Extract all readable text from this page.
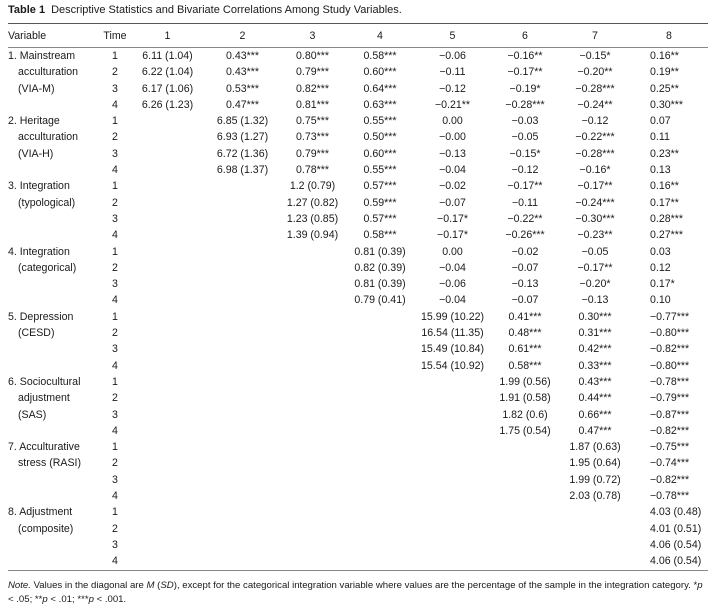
Table 1 Descriptive Statistics and Bivariate Correlations Among Study Variables.
Variable	Time	1	2	3	4	5	6	7	8

1. Mainstream
acculturation
(VIA-M)	1	6.11 (1.04)	0.43***	0.80***	0.58***	−0.06	−0.16**	−0.15*	0.16**
	2	6.22 (1.04)	0.43***	0.79***	0.60***	−0.11	−0.17**	−0.20**	0.19**
	3	6.17 (1.06)	0.53***	0.82***	0.64***	−0.12	−0.19*	−0.28***	0.25**
	4	6.26 (1.23)	0.47***	0.81***	0.63***	−0.21**	−0.28***	−0.24**	0.30***

2. Heritage
acculturation
(VIA-H)	1		6.85 (1.32)	0.75***	0.55***	0.00	−0.03	−0.12	0.07
	2		6.93 (1.27)	0.73***	0.50***	−0.00	−0.05	−0.22***	0.11
	3		6.72 (1.36)	0.79***	0.60***	−0.13	−0.15*	−0.28***	0.23**
	4		6.98 (1.37)	0.78***	0.55***	−0.04	−0.12	−0.16*	0.13

3. Integration
(typological)	1			1.2 (0.79)	0.57***	−0.02	−0.17**	−0.17**	0.16**
	2			1.27 (0.82)	0.59***	−0.07	−0.11	−0.24***	0.17**
	3			1.23 (0.85)	0.57***	−0.17*	−0.22**	−0.30***	0.28***
	4			1.39 (0.94)	0.58***	−0.17*	−0.26***	−0.23**	0.27***

4. Integration
(categorical)	1				0.81 (0.39)	0.00	−0.02	−0.05	0.03
	2				0.82 (0.39)	−0.04	−0.07	−0.17**	0.12
	3				0.81 (0.39)	−0.06	−0.13	−0.20*	0.17*
	4				0.79 (0.41)	−0.04	−0.07	−0.13	0.10

5. Depression
(CESD)	1					15.99 (10.22)	0.41***	0.30***	−0.77***
	2					16.54 (11.35)	0.48***	0.31***	−0.80***
	3					15.49 (10.84)	0.61***	0.42***	−0.82***
	4					15.54 (10.92)	0.58***	0.33***	−0.80***

6. Sociocultural
adjustment
(SAS)	1						1.99 (0.56)	0.43***	−0.78***
	2						1.91 (0.58)	0.44***	−0.79***
	3						1.82 (0.6)	0.66***	−0.87***
	4						1.75 (0.54)	0.47***	−0.82***

7. Acculturative
stress (RASI)	1							1.87 (0.63)	−0.75***
	2							1.95 (0.64)	−0.74***
	3							1.99 (0.72)	−0.82***
	4							2.03 (0.78)	−0.78***

8. Adjustment
(composite)	1								4.03 (0.48)
	2								4.01 (0.51)
	3								4.06 (0.54)
	4								4.06 (0.54)
Note. Values in the diagonal are M (SD), except for the categorical integration variable where values are the percentage of the sample in the integration category. *p < .05; **p < .01; ***p < .001.
